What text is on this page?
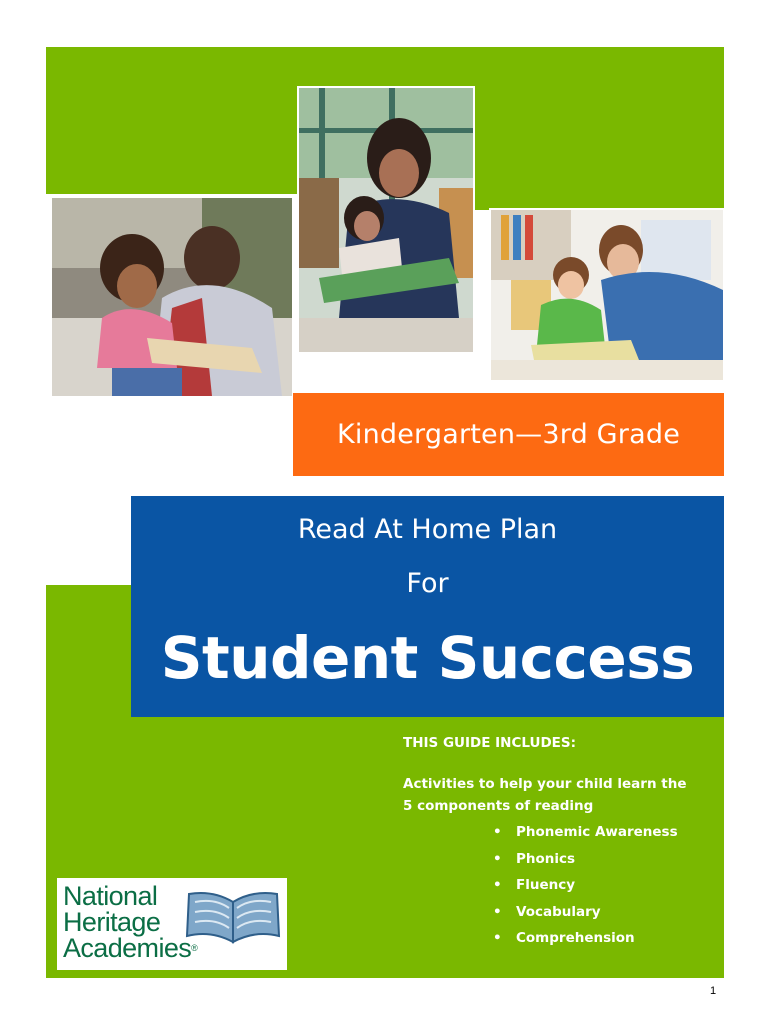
Kindergarten—3rd Grade
Read At Home Plan
For
Student Success

THIS GUIDE INCLUDES:

Activities to help your child learn the 5 components of reading

• Phonemic Awareness
• Phonics
• Fluency
• Vocabulary
• Comprehension
National
Heritage
Academies®
1
